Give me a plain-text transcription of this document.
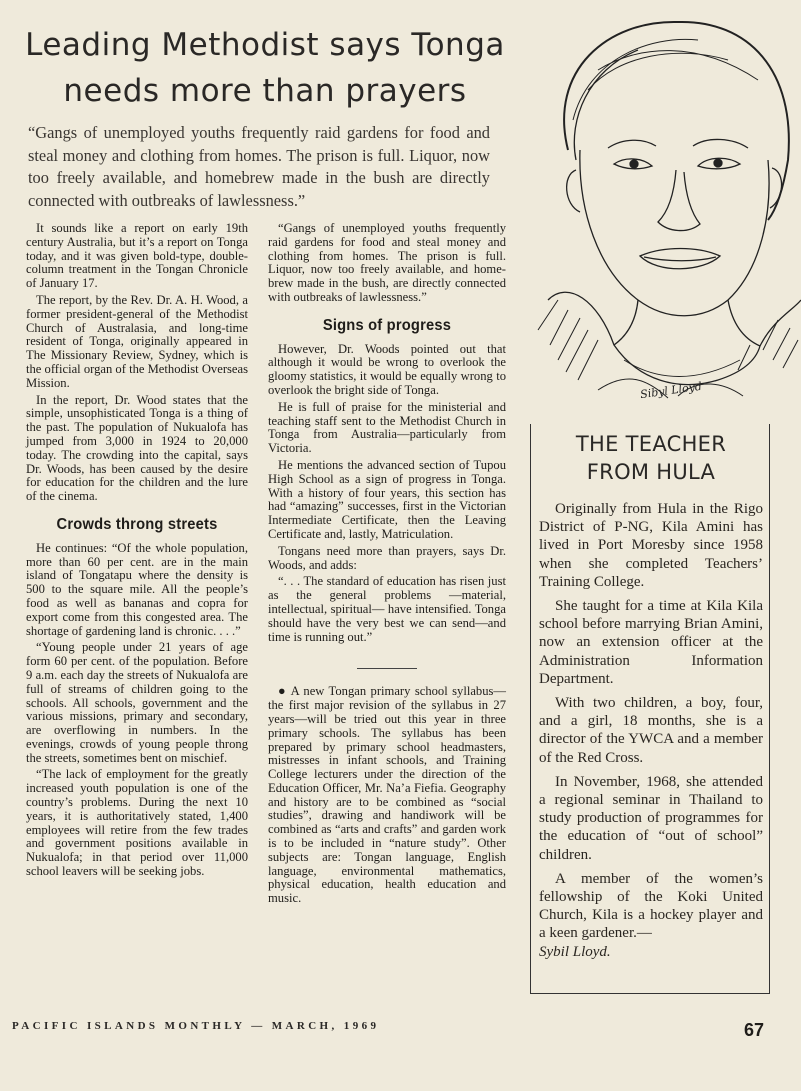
Leading Methodist says Tonga
needs more than prayers
“Gangs of unemployed youths frequently raid gardens for food and steal money and clothing from homes. The prison is full. Liquor, now too freely available, and homebrew made in the bush are directly connected with outbreaks of lawlessness.”

It sounds like a report on early 19th century Australia, but it’s a report on Tonga today, and it was given bold-type, double-column treatment in the Tongan Chronicle of January 17.

The report, by the Rev. Dr. A. H. Wood, a former president-general of the Methodist Church of Australasia, and long-time resident of Tonga, originally appeared in The Missionary Review, Sydney, which is the official organ of the Methodist Overseas Mission.

In the report, Dr. Wood states that the simple, unsophisticated Tonga is a thing of the past. The population of Nukualofa has jumped from 3,000 in 1924 to 20,000 today. The crowding into the capital, says Dr. Woods, has been caused by the desire for education for the children and the lure of the cinema.

Crowds throng streets

He continues: “Of the whole population, more than 60 per cent. are in the main island of Tongatapu where the density is 500 to the square mile. All the people’s food as well as bananas and copra for export come from this congested area. The shortage of gardening land is chronic. . . .”

“Young people under 21 years of age form 60 per cent. of the population. Before 9 a.m. each day the streets of Nukualofa are full of streams of children going to the schools. All schools, government and the various missions, primary and secondary, are overflowing in numbers. In the evenings, crowds of young people throng the streets, sometimes bent on mischief.

“The lack of employment for the greatly increased youth population is one of the country’s problems. During the next 10 years, it is authoritatively stated, 1,400 employees will retire from the few trades and government positions available in Nukualofa; in that period over 11,000 school leavers will be seeking jobs.

“Gangs of unemployed youths frequently raid gardens for food and steal money and clothing from homes. The prison is full. Liquor, now too freely available, and home-brew made in the bush, are directly connected with outbreaks of lawlessness.”

Signs of progress

However, Dr. Woods pointed out that although it would be wrong to overlook the gloomy statistics, it would be equally wrong to overlook the bright side of Tonga.

He is full of praise for the ministerial and teaching staff sent to the Methodist Church in Tonga from Australia—particularly from Victoria.

He mentions the advanced section of Tupou High School as a sign of progress in Tonga. With a history of four years, this section has had “amazing” successes, first in the Victorian Intermediate Certificate, then the Leaving Certificate and, lastly, Matriculation.

Tongans need more than prayers, says Dr. Woods, and adds:

“. . . The standard of education has risen just as the general problems —material, intellectual, spiritual— have intensified. Tonga should have the very best we can send—and time is running out.”

● A new Tongan primary school syllabus—the first major revision of the syllabus in 27 years—will be tried out this year in three primary schools. The syllabus has been prepared by primary school headmasters, mistresses in infant schools, and Training College lecturers under the direction of the Education Officer, Mr. Na’a Fiefia. Geography and history are to be combined as “social studies”, drawing and handiwork will be combined as “arts and crafts” and garden work is to be included in “nature study”. Other subjects are: Tongan language, English language, environmental mathematics, physical education, health education and music.

Sibyl Lloyd
THE TEACHER
FROM HULA

Originally from Hula in the Rigo District of P-NG, Kila Amini has lived in Port Moresby since 1958 when she completed Teachers’ Training College.

She taught for a time at Kila Kila school before marrying Brian Amini, now an extension officer at the Administration Information Department.

With two children, a boy, four, and a girl, 18 months, she is a director of the YWCA and a member of the Red Cross.

In November, 1968, she attended a regional seminar in Thailand to study production of programmes for the education of “out of school” children.

A member of the women’s fellowship of the Koki United Church, Kila is a hockey player and a keen gardener.—
Sybil Lloyd.

PACIFIC ISLANDS MONTHLY — MARCH, 1969	67
